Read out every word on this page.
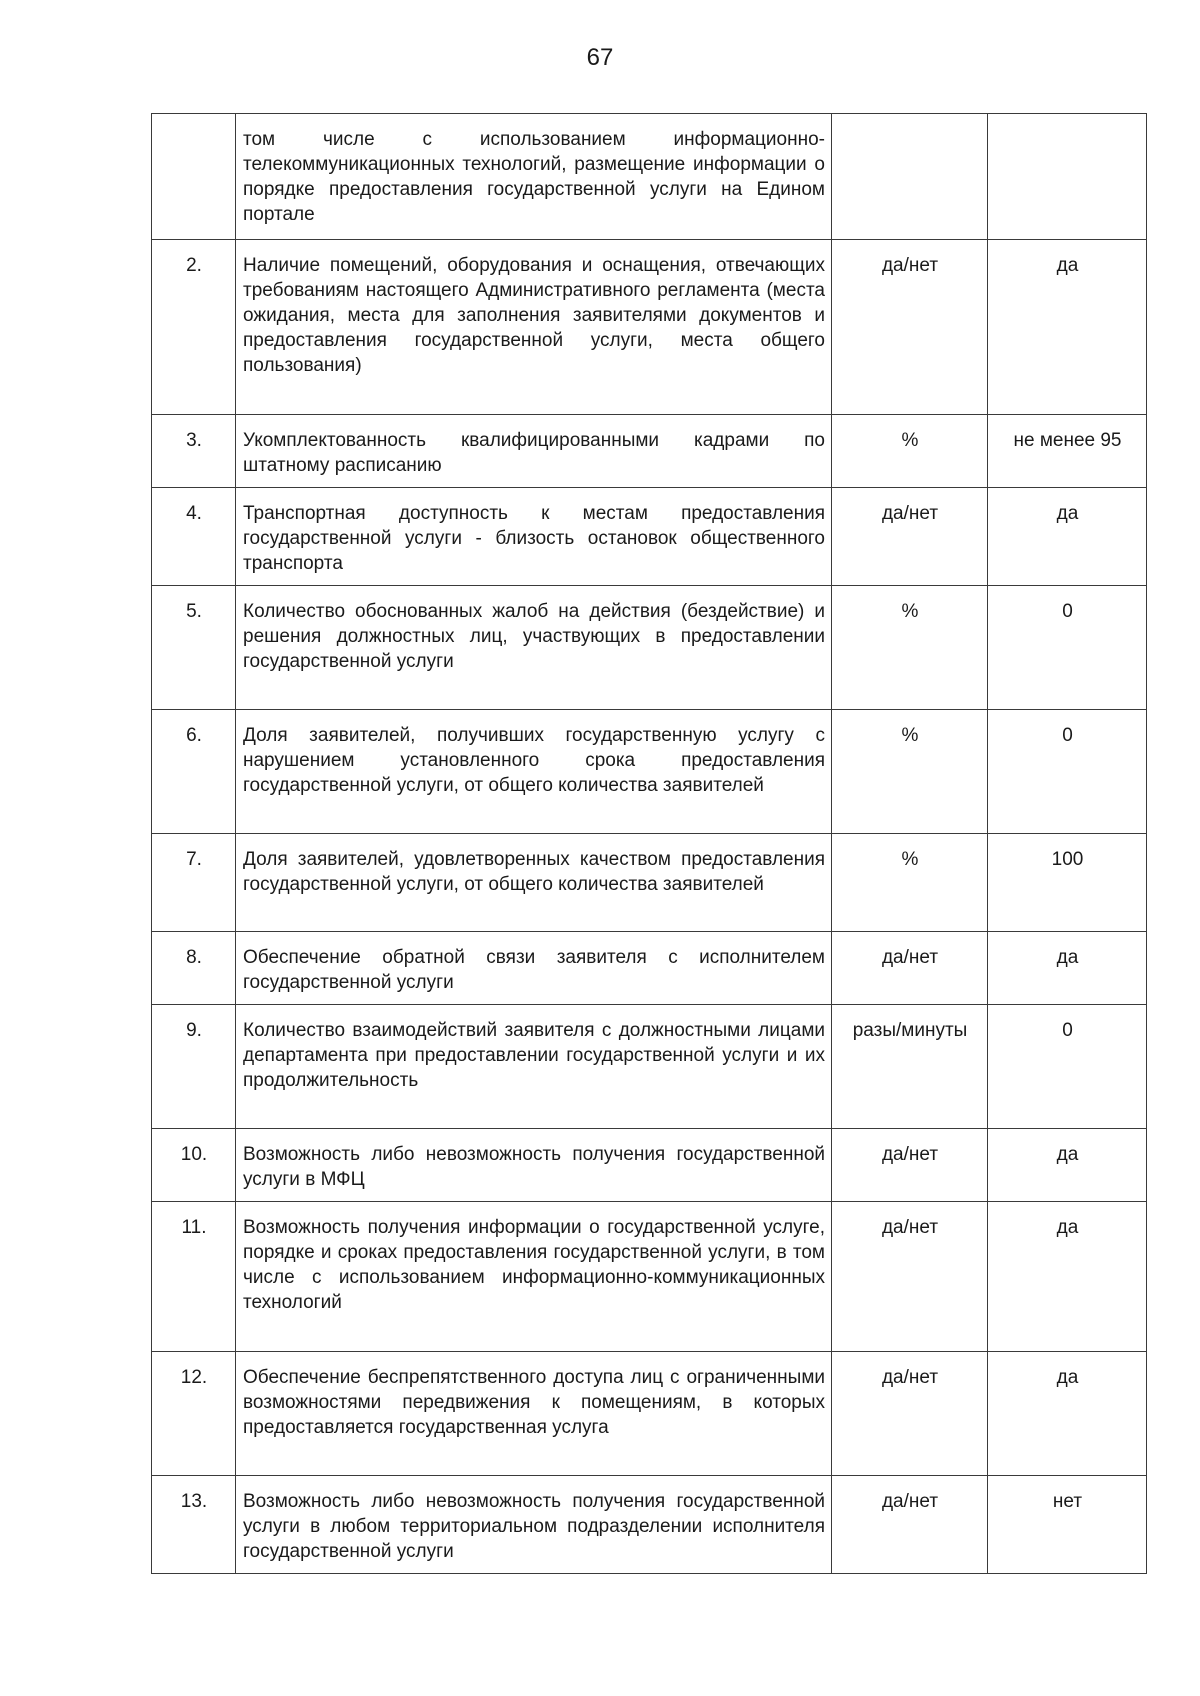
67
	том числе с использованием информационно-телекоммуникационных технологий, размещение информации о порядке предоставления государственной услуги на Едином портале		
2.	Наличие помещений, оборудования и оснащения, отвечающих требованиям настоящего Административного регламента (места ожидания, места для заполнения заявителями документов и предоставления государственной услуги, места общего пользования)	да/нет	да
3.	Укомплектованность квалифицированными кадрами по штатному расписанию	%	не менее 95
4.	Транспортная доступность к местам предоставления государственной услуги - близость остановок общественного транспорта	да/нет	да
5.	Количество обоснованных жалоб на действия (бездействие) и решения должностных лиц, участвующих в предоставлении государственной услуги	%	0
6.	Доля заявителей, получивших государственную услугу с нарушением установленного срока предоставления государственной услуги, от общего количества заявителей	%	0
7.	Доля заявителей, удовлетворенных качеством предоставления государственной услуги, от общего количества заявителей	%	100
8.	Обеспечение обратной связи заявителя с исполнителем государственной услуги	да/нет	да
9.	Количество взаимодействий заявителя с должностными лицами департамента при предоставлении государственной услуги и их продолжительность	разы/минуты	0
10.	Возможность либо невозможность получения государственной услуги в МФЦ	да/нет	да
11.	Возможность получения информации о государственной услуге, порядке и сроках предоставления государственной услуги, в том числе с использованием информационно-коммуникационных технологий	да/нет	да
12.	Обеспечение беспрепятственного доступа лиц с ограниченными возможностями передвижения к помещениям, в которых предоставляется государственная услуга	да/нет	да
13.	Возможность либо невозможность получения государственной услуги в любом территориальном подразделении исполнителя государственной услуги	да/нет	нет
